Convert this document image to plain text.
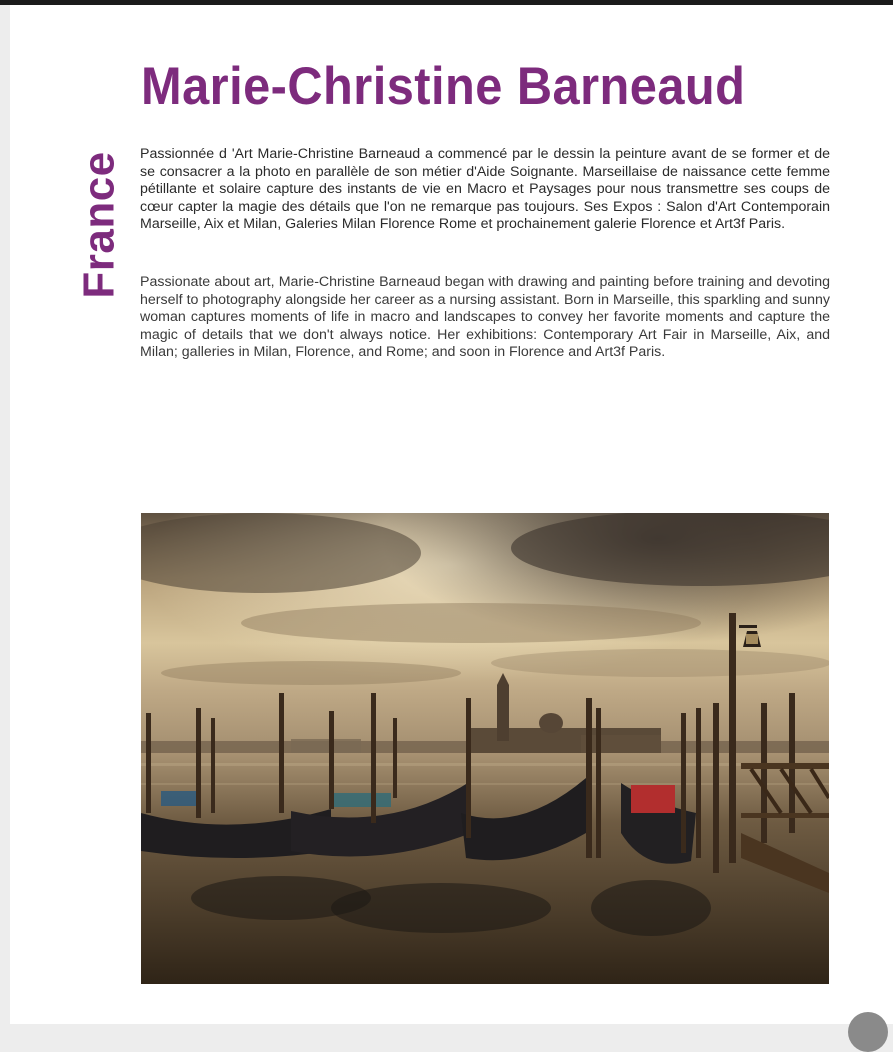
Marie-Christine Barneaud
France Passionnée d 'Art Marie-Christine Barneaud a commencé par le dessin la peinture avant de se former et de se consacrer a la photo en parallèle de son métier d'Aide Soignante. Marseillaise de naissance cette femme pétillante et solaire capture des instants de vie en Macro et Paysages pour nous transmettre ses coups de cœur capter la magie des détails que l'on ne remarque pas toujours. Ses Expos : Salon d'Art Contemporain Marseille, Aix et Milan, Galeries Milan Florence Rome et prochainement galerie Florence et Art3f Paris.

Passionate about art, Marie-Christine Barneaud began with drawing and painting before training and devoting herself to photography alongside her career as a nursing assistant. Born in Marseille, this sparkling and sunny woman captures moments of life in macro and landscapes to convey her favorite moments and capture the magic of details that we don't always notice. Her exhibitions: Contemporary Art Fair in Marseille, Aix, and Milan; galleries in Milan, Florence, and Rome; and soon in Florence and Art3f Paris.
